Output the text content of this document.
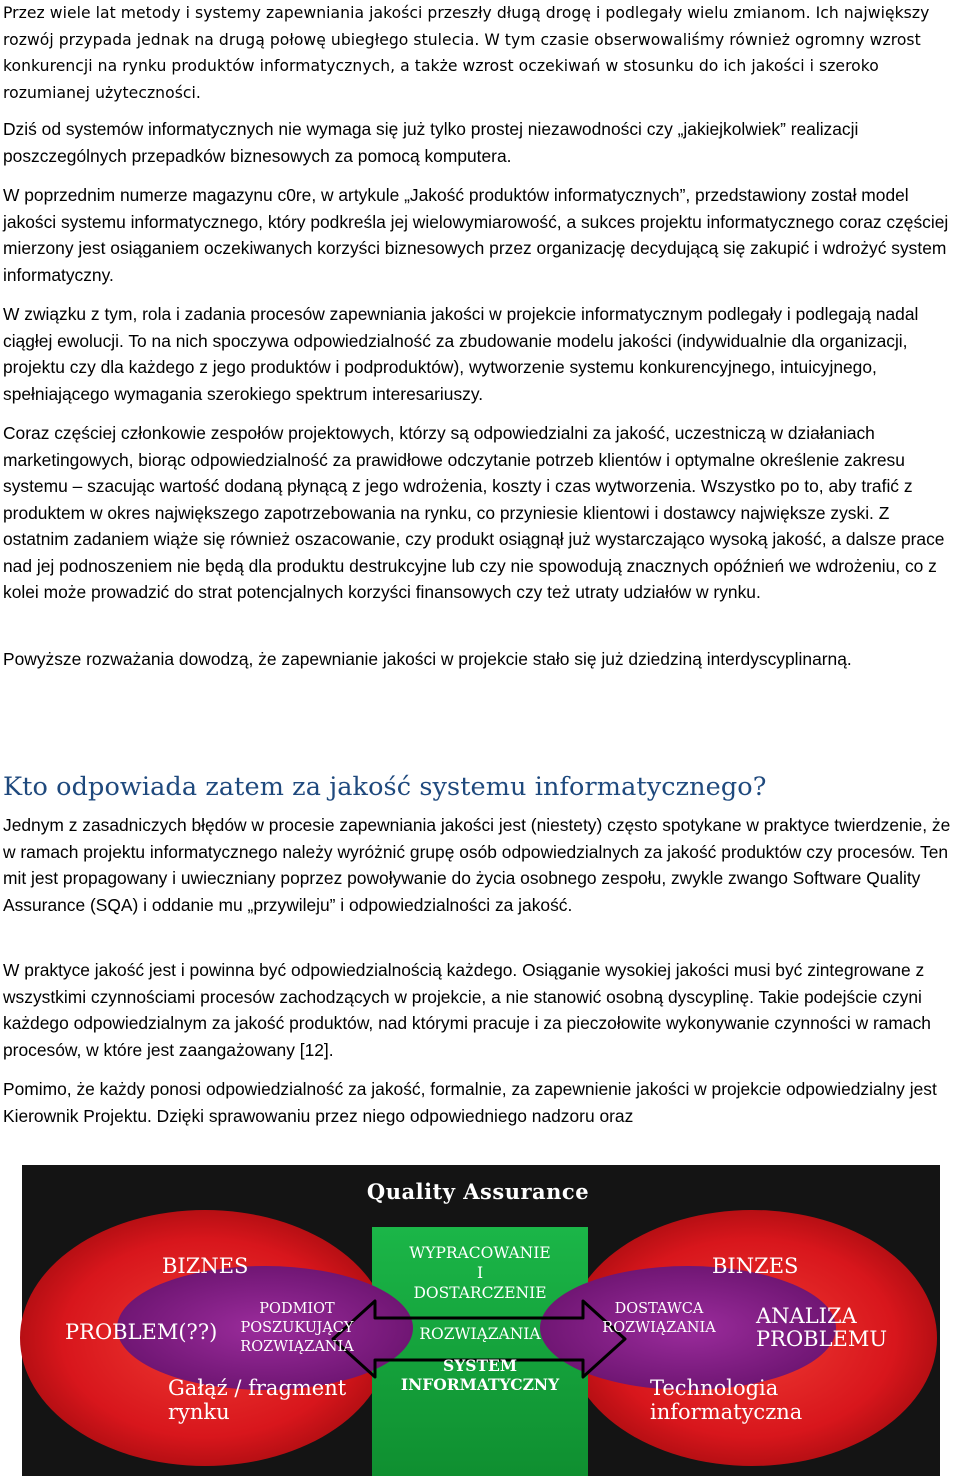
Przez wiele lat metody i systemy zapewniania jakości przeszły długą drogę i podlegały wielu zmianom. Ich największy rozwój przypada jednak na drugą połowę ubiegłego stulecia. W tym czasie obserwowaliśmy również ogromny wzrost konkurencji na rynku produktów informatycznych, a także wzrost oczekiwań w stosunku do ich jakości i szeroko rozumianej użyteczności.

Dziś od systemów informatycznych nie wymaga się już tylko prostej niezawodności czy „jakiejkolwiek” realizacji poszczególnych przepadków biznesowych za pomocą komputera.

W poprzednim numerze magazynu c0re, w artykule „Jakość produktów informatycznych”, przedstawiony został model jakości systemu informatycznego, który podkreśla jej wielowymiarowość, a sukces projektu informatycznego coraz częściej mierzony jest osiąganiem oczekiwanych korzyści biznesowych przez organizację decydującą się zakupić i wdrożyć system informatyczny.

W związku z tym, rola i zadania procesów zapewniania jakości w projekcie informatycznym podlegały i podlegają nadal ciągłej ewolucji. To na nich spoczywa odpowiedzialność za zbudowanie modelu jakości (indywidualnie dla organizacji, projektu czy dla każdego z jego produktów i podproduktów), wytworzenie systemu konkurencyjnego, intuicyjnego, spełniającego wymagania szerokiego spektrum interesariuszy.

Coraz częściej członkowie zespołów projektowych, którzy są odpowiedzialni za jakość, uczestniczą w działaniach marketingowych, biorąc odpowiedzialność za prawidłowe odczytanie potrzeb klientów i optymalne określenie zakresu systemu – szacując wartość dodaną płynącą z jego wdrożenia, koszty i czas wytworzenia. Wszystko po to, aby trafić z produktem w okres największego zapotrzebowania na rynku, co przyniesie klientowi i dostawcy największe zyski. Z ostatnim zadaniem wiąże się również oszacowanie, czy produkt osiągnął już wystarczająco wysoką jakość, a dalsze prace nad jej podnoszeniem nie będą dla produktu destrukcyjne lub czy nie spowodują znacznych opóźnień we wdrożeniu, co z kolei może prowadzić do strat potencjalnych korzyści finansowych czy też utraty udziałów w rynku.

Powyższe rozważania dowodzą, że zapewnianie jakości w projekcie stało się już dziedziną interdyscyplinarną.

Kto odpowiada zatem za jakość systemu informatycznego?

Jednym z zasadniczych błędów w procesie zapewniania jakości jest (niestety) często spotykane w praktyce twierdzenie, że w ramach projektu informatycznego należy wyróżnić grupę osób odpowiedzialnych za jakość produktów czy procesów. Ten mit jest propagowany i uwieczniany poprzez powoływanie do życia osobnego zespołu, zwykle zwango Software Quality Assurance (SQA) i oddanie mu „przywileju” i odpowiedzialności za jakość.

W praktyce jakość jest i powinna być odpowiedzialnością każdego. Osiąganie wysokiej jakości musi być zintegrowane z wszystkimi czynnościami procesów zachodzących w projekcie, a nie stanowić osobną dyscyplinę. Takie podejście czyni każdego odpowiedzialnym za jakość produktów, nad którymi pracuje i za pieczołowite wykonywanie czynności w ramach procesów, w które jest zaangażowany [12].

Pomimo, że każdy ponosi odpowiedzialność za jakość, formalnie, za zapewnienie jakości w projekcie odpowiedzialny jest Kierownik Projektu. Dzięki sprawowaniu przez niego odpowiedniego nadzoru oraz

Quality Assurance
BIZNES
PROBLEM(??)
Gałąź / fragment
rynku
PODMIOT
POSZUKUJĄCY
ROZWIĄZANIA
WYPRACOWANIE
I
DOSTARCZENIE
ROZWIĄZANIA
SYSTEM
INFORMATYCZNY
BINZES
ANALIZA
PROBLEMU
DOSTAWCA
ROZWIĄZANIA
Technologia
informatyczna
